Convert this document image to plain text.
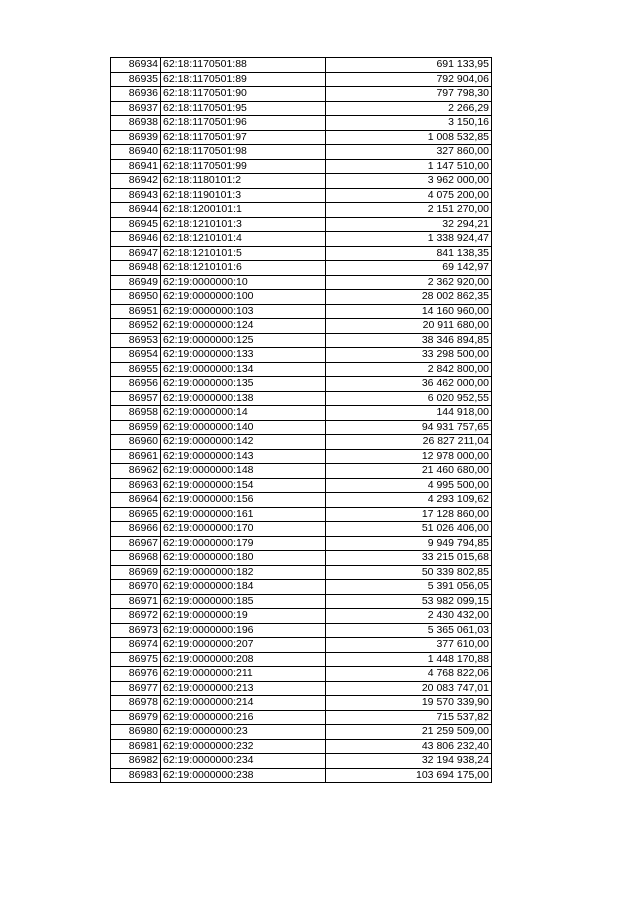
86934	62:18:1170501:88	691 133,95
86935	62:18:1170501:89	792 904,06
86936	62:18:1170501:90	797 798,30
86937	62:18:1170501:95	2 266,29
86938	62:18:1170501:96	3 150,16
86939	62:18:1170501:97	1 008 532,85
86940	62:18:1170501:98	327 860,00
86941	62:18:1170501:99	1 147 510,00
86942	62:18:1180101:2	3 962 000,00
86943	62:18:1190101:3	4 075 200,00
86944	62:18:1200101:1	2 151 270,00
86945	62:18:1210101:3	32 294,21
86946	62:18:1210101:4	1 338 924,47
86947	62:18:1210101:5	841 138,35
86948	62:18:1210101:6	69 142,97
86949	62:19:0000000:10	2 362 920,00
86950	62:19:0000000:100	28 002 862,35
86951	62:19:0000000:103	14 160 960,00
86952	62:19:0000000:124	20 911 680,00
86953	62:19:0000000:125	38 346 894,85
86954	62:19:0000000:133	33 298 500,00
86955	62:19:0000000:134	2 842 800,00
86956	62:19:0000000:135	36 462 000,00
86957	62:19:0000000:138	6 020 952,55
86958	62:19:0000000:14	144 918,00
86959	62:19:0000000:140	94 931 757,65
86960	62:19:0000000:142	26 827 211,04
86961	62:19:0000000:143	12 978 000,00
86962	62:19:0000000:148	21 460 680,00
86963	62:19:0000000:154	4 995 500,00
86964	62:19:0000000:156	4 293 109,62
86965	62:19:0000000:161	17 128 860,00
86966	62:19:0000000:170	51 026 406,00
86967	62:19:0000000:179	9 949 794,85
86968	62:19:0000000:180	33 215 015,68
86969	62:19:0000000:182	50 339 802,85
86970	62:19:0000000:184	5 391 056,05
86971	62:19:0000000:185	53 982 099,15
86972	62:19:0000000:19	2 430 432,00
86973	62:19:0000000:196	5 365 061,03
86974	62:19:0000000:207	377 610,00
86975	62:19:0000000:208	1 448 170,88
86976	62:19:0000000:211	4 768 822,06
86977	62:19:0000000:213	20 083 747,01
86978	62:19:0000000:214	19 570 339,90
86979	62:19:0000000:216	715 537,82
86980	62:19:0000000:23	21 259 509,00
86981	62:19:0000000:232	43 806 232,40
86982	62:19:0000000:234	32 194 938,24
86983	62:19:0000000:238	103 694 175,00
